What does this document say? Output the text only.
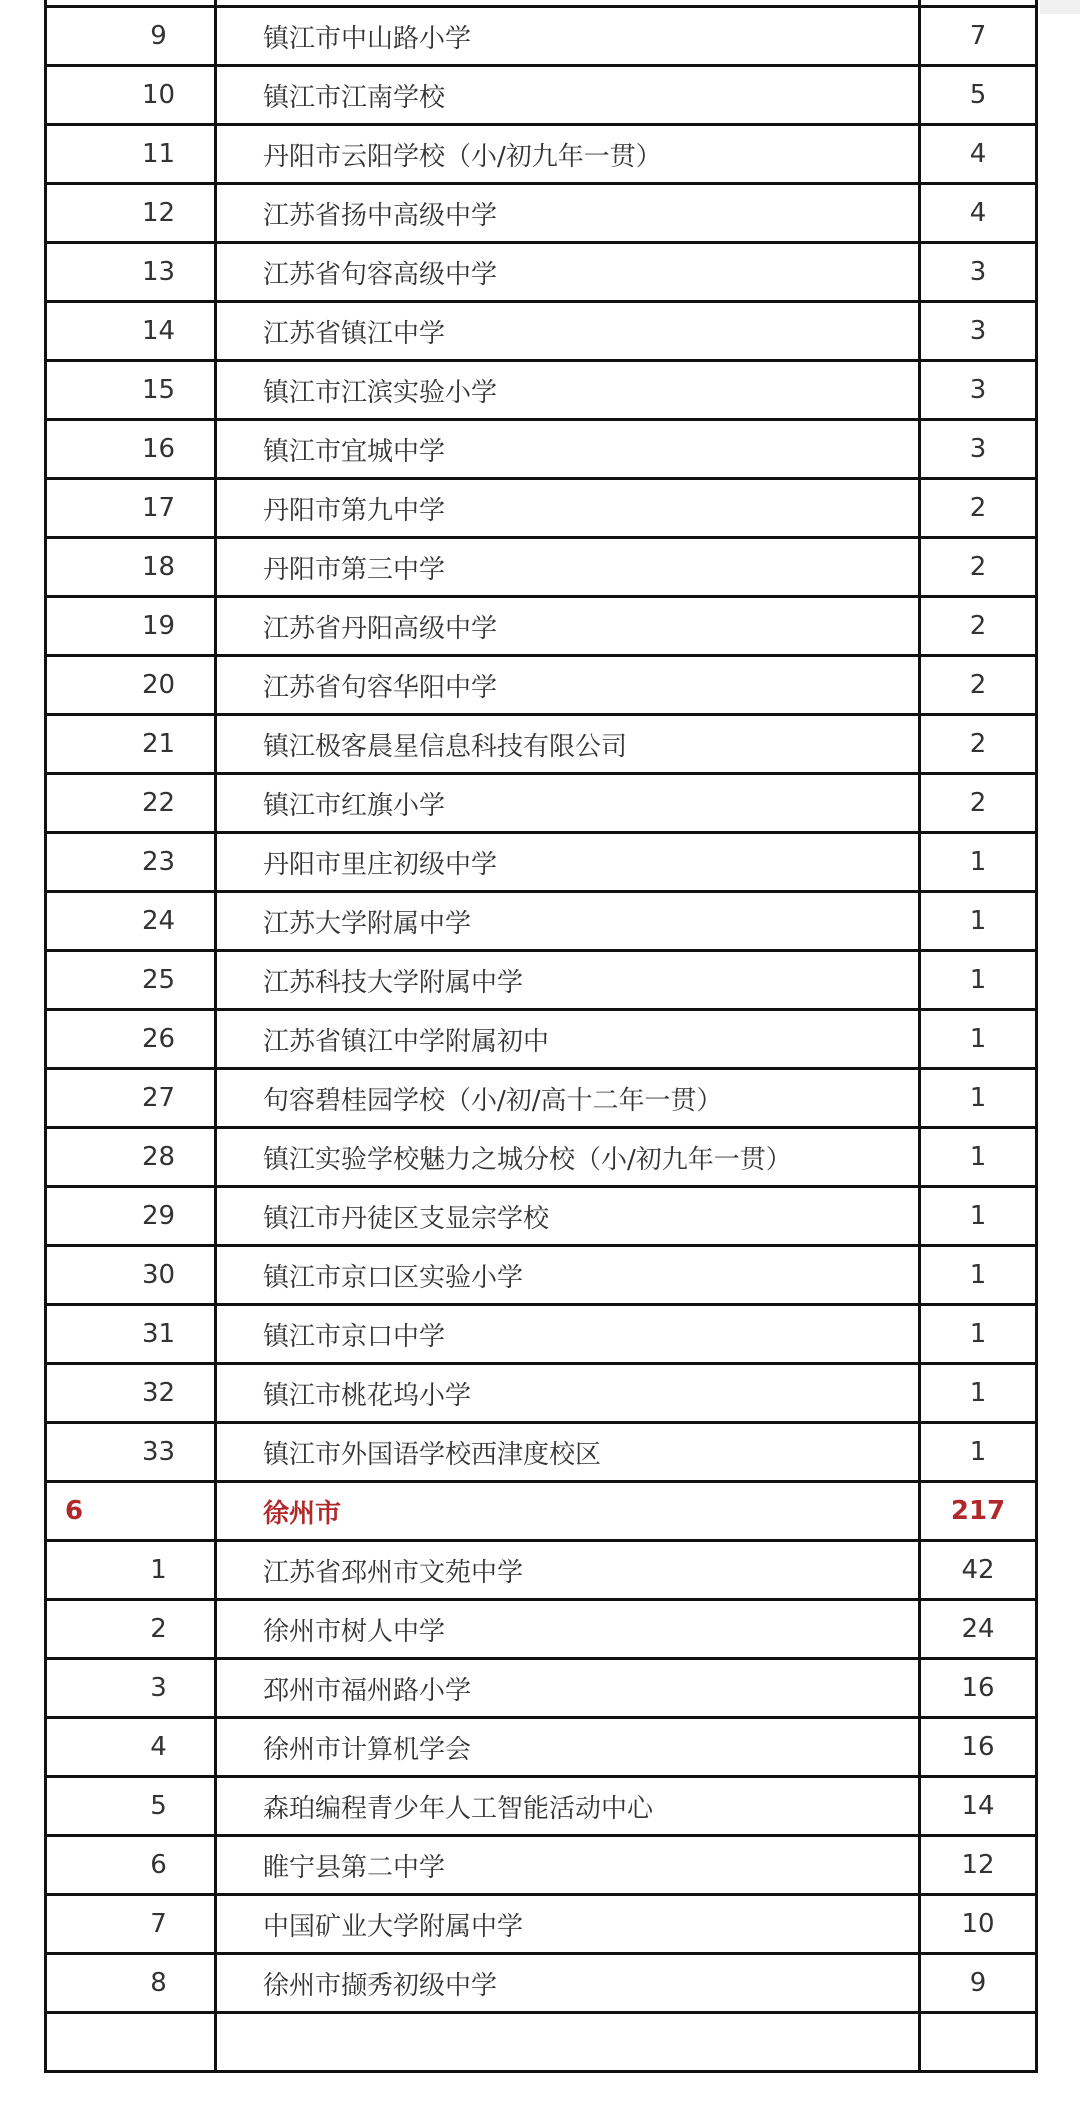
9	镇江市中山路小学	7
10	镇江市江南学校	5
11	丹阳市云阳学校（小/初九年一贯）	4
12	江苏省扬中高级中学	4
13	江苏省句容高级中学	3
14	江苏省镇江中学	3
15	镇江市江滨实验小学	3
16	镇江市宜城中学	3
17	丹阳市第九中学	2
18	丹阳市第三中学	2
19	江苏省丹阳高级中学	2
20	江苏省句容华阳中学	2
21	镇江极客晨星信息科技有限公司	2
22	镇江市红旗小学	2
23	丹阳市里庄初级中学	1
24	江苏大学附属中学	1
25	江苏科技大学附属中学	1
26	江苏省镇江中学附属初中	1
27	句容碧桂园学校（小/初/高十二年一贯）	1
28	镇江实验学校魅力之城分校（小/初九年一贯）	1
29	镇江市丹徒区支显宗学校	1
30	镇江市京口区实验小学	1
31	镇江市京口中学	1
32	镇江市桃花坞小学	1
33	镇江市外国语学校西津度校区	1
6	徐州市	217
1	江苏省邳州市文苑中学	42
2	徐州市树人中学	24
3	邳州市福州路小学	16
4	徐州市计算机学会	16
5	森珀编程青少年人工智能活动中心	14
6	睢宁县第二中学	12
7	中国矿业大学附属中学	10
8	徐州市撷秀初级中学	9
